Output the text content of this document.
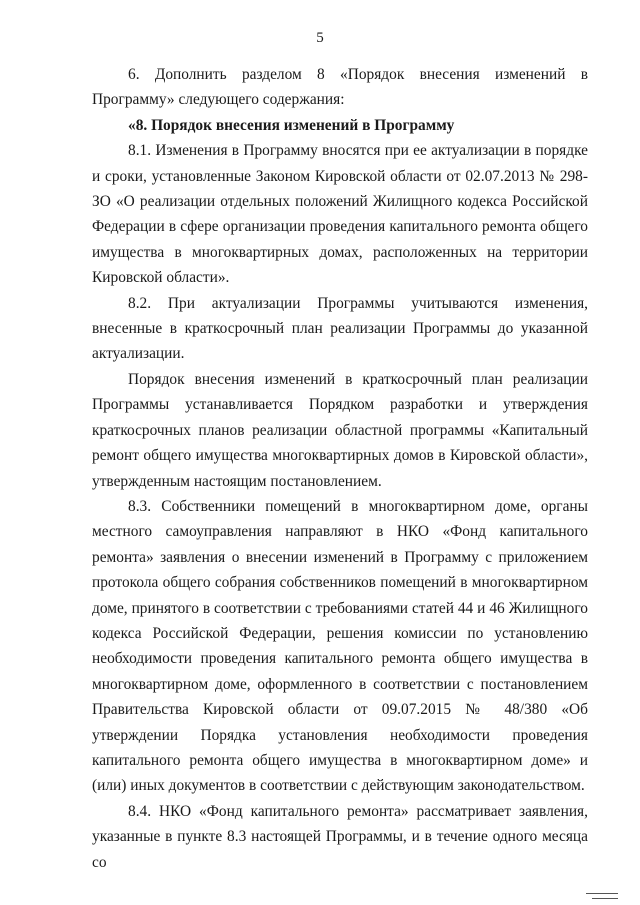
5

6. Дополнить разделом 8 «Порядок внесения изменений в Программу» следующего содержания:

«8. Порядок внесения изменений в Программу

8.1. Изменения в Программу вносятся при ее актуализации в порядке и сроки, установленные Законом Кировской области от 02.07.2013 № 298-ЗО «О реализации отдельных положений Жилищного кодекса Российской Федерации в сфере организации проведения капитального ремонта общего имущества в многоквартирных домах, расположенных на территории Кировской области».

8.2. При актуализации Программы учитываются изменения, внесенные в краткосрочный план реализации Программы до указанной актуализации.

Порядок внесения изменений в краткосрочный план реализации Программы устанавливается Порядком разработки и утверждения краткосрочных планов реализации областной программы «Капитальный ремонт общего имущества многоквартирных домов в Кировской области», утвержденным настоящим постановлением.

8.3. Собственники помещений в многоквартирном доме, органы местного самоуправления направляют в НКО «Фонд капитального ремонта» заявления о внесении изменений в Программу с приложением протокола общего собрания собственников помещений в многоквартирном доме, принятого в соответствии с требованиями статей 44 и 46 Жилищного кодекса Российской Федерации, решения комиссии по установлению необходимости проведения капитального ремонта общего имущества в многоквартирном доме, оформленного в соответствии с постановлением Правительства Кировской области от 09.07.2015 № 48/380 «Об утверждении Порядка установления необходимости проведения капитального ремонта общего имущества в многоквартирном доме» и (или) иных документов в соответствии с действующим законодательством.

8.4. НКО «Фонд капитального ремонта» рассматривает заявления, указанные в пункте 8.3 настоящей Программы, и в течение одного месяца со
